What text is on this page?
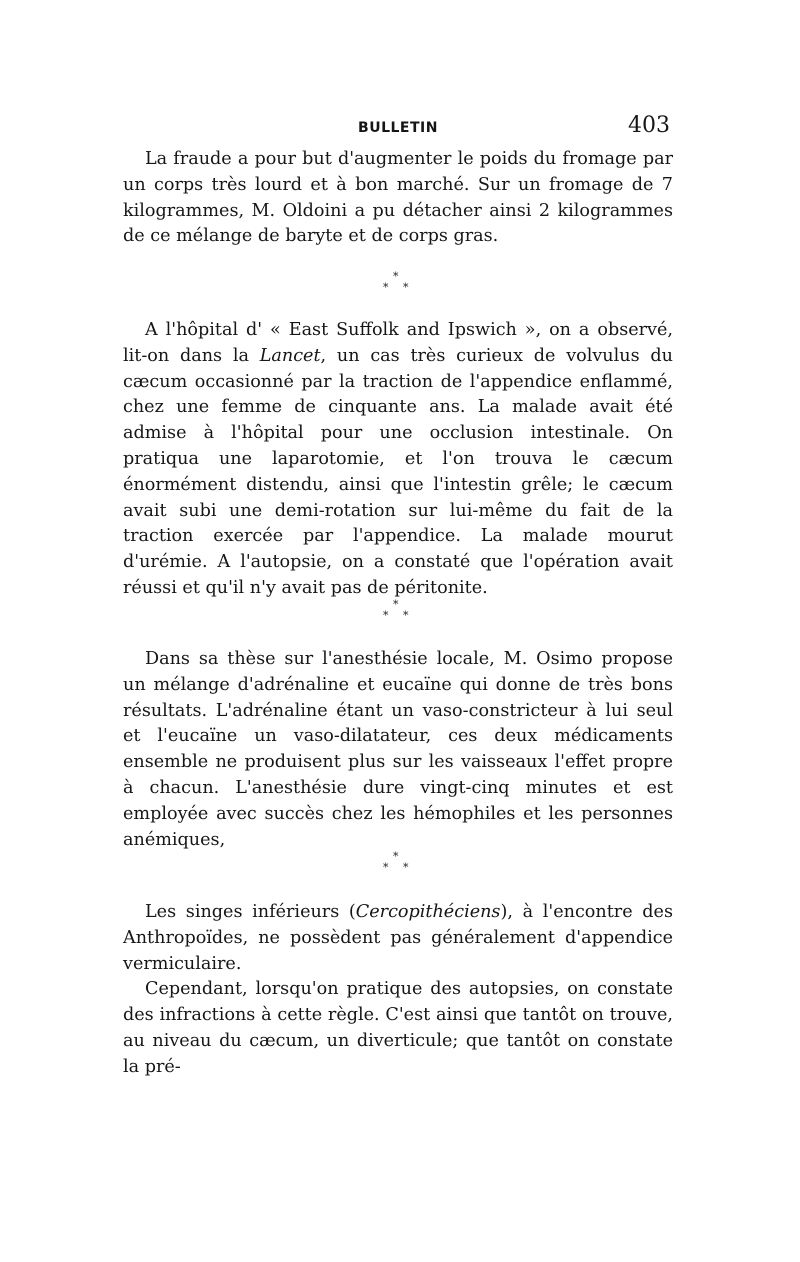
BULLETIN	403

La fraude a pour but d'augmenter le poids du fromage par un corps très lourd et à bon marché. Sur un fromage de 7 kilogrammes, M. Oldoini a pu détacher ainsi 2 kilogrammes de ce mélange de baryte et de corps gras.

*
* *

A l'hôpital d' « East Suffolk and Ipswich », on a observé, lit-on dans la Lancet, un cas très curieux de volvulus du cæcum occasionné par la traction de l'appendice enflammé, chez une femme de cinquante ans. La malade avait été admise à l'hôpital pour une occlusion intestinale. On pratiqua une laparotomie, et l'on trouva le cæcum énormément distendu, ainsi que l'intestin grêle; le cæcum avait subi une demi-rotation sur lui-même du fait de la traction exercée par l'appendice. La malade mourut d'urémie. A l'autopsie, on a constaté que l'opération avait réussi et qu'il n'y avait pas de péritonite.

*
* *

Dans sa thèse sur l'anesthésie locale, M. Osimo propose un mélange d'adrénaline et eucaïne qui donne de très bons résultats. L'adrénaline étant un vaso-constricteur à lui seul et l'eucaïne un vaso-dilatateur, ces deux médicaments ensemble ne produisent plus sur les vaisseaux l'effet propre à chacun. L'anesthésie dure vingt-cinq minutes et est employée avec succès chez les hémophiles et les personnes anémiques,

*
* *

Les singes inférieurs (Cercopithéciens), à l'encontre des Anthropoïdes, ne possèdent pas généralement d'appendice vermiculaire.

Cependant, lorsqu'on pratique des autopsies, on constate des infractions à cette règle. C'est ainsi que tantôt on trouve, au niveau du cæcum, un diverticule; que tantôt on constate la pré-
